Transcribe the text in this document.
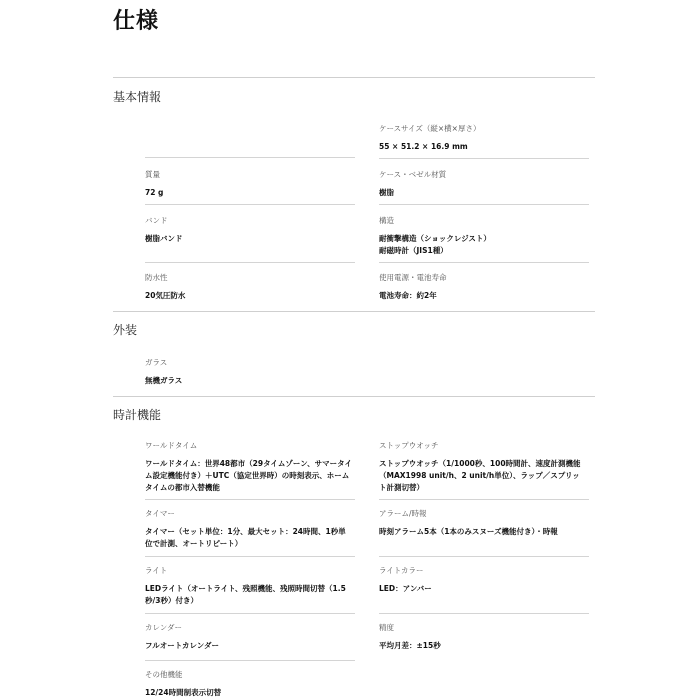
仕様
基本情報
ケースサイズ（縦×横×厚さ）
55 × 51.2 × 16.9 mm
質量
72 g
ケース・ベゼル材質
樹脂
バンド
樹脂バンド
構造
耐衝撃構造（ショックレジスト）
耐磁時計（JIS1種）
防水性
20気圧防水
使用電源・電池寿命
電池寿命：約2年
外装
ガラス
無機ガラス
時計機能
ワールドタイム
ワールドタイム：世界48都市（29タイムゾーン、サマータイム設定機能付き）＋UTC（協定世界時）の時刻表示、ホームタイムの都市入替機能
ストップウオッチ
ストップウオッチ（1/1000秒、100時間計、速度計測機能（MAX1998 unit/h、2 unit/h単位）、ラップ／スプリット計測切替）
タイマー
タイマー（セット単位：1分、最大セット：24時間、1秒単位で計測、オートリピート）
アラーム/時報
時刻アラーム5本（1本のみスヌーズ機能付き）・時報
ライト
LEDライト（オートライト、残照機能、残照時間切替（1.5秒/3秒）付き）
ライトカラー
LED：アンバー
カレンダー
フルオートカレンダー
精度
平均月差：±15秒
その他機能
12/24時間制表示切替
